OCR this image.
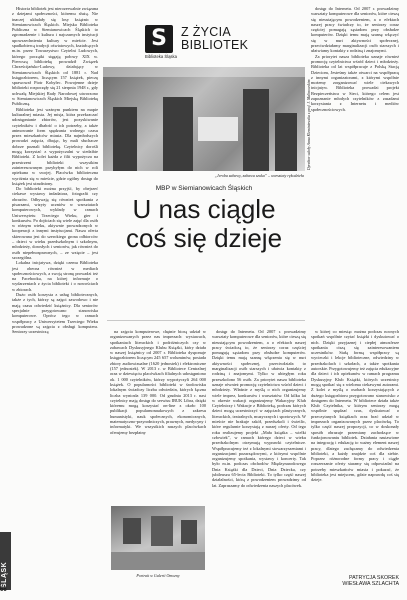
Historia bibliotek jest nierozerwalnie związana z dziejami społeczności, któremu służą. Nie inaczej układały się losy książnic w Siemianowicach Śląskich. Miejska Biblioteka Publiczna w Siemianowicach Śląskich to zgromadzenie i kultura i najczarnych instytucji upowszechnienia kultury w mieście. Jest spadkobiercą tradycji oświatowych, kształcących m.in. przez Towarzystwo Czytelni Ludowych, którego początki sięgają połowy XIX w. Pierwszą bibliotekę prowadził Związek Chrześcijańsko-Ludowy, działający w Siemianowicach Śląskich od 1881 r. Nad księgozbiorem, liczącym 157 książek, pieczę sprawował Piotr Kobylec. Powojenne dzieje biblioteki rozpoczęły się 21 sierpnia 1948 r., gdy uchwałą Miejskiej Rady Narodowej utworzono w Siemianowicach Śląskich Miejską Bibliotekę Publiczną.

Biblioteka jest ważnym punktem na mapie kulturalnej miasta. Jej misja, która przekraczać udostępnianie zbiorów, jest pozyskiwanie czytelników i dbałość o ich potrzeby, a także animowanie form spędzania wolnego czasu przez mieszkańców miasta. Dla najmłodszych prowadzi zajęcia, dbając, by mali słuchacze dobrze poznali bibliotekę. Czytelnicy dorośli mogą korzystać z wypożyczalni w siedzibie Biblioteki. Z kolei każda z filii wypożycza na przestrzeni biblioteki wszystkim zainteresowanym przybyłym do nich w roli opiekuna w swojej. Placówka biblioteczna wyróżnia się w mieście, gdzie ogólny dostęp do książek jest utrudniony.

Do biblioteki można przyjść, by obejrzeć ciekawe wystawy indadatora, fotografii czy obrazów. Odbywają się również spotkania z pisarzami, wizyty uczniów w warsztatach komputerowych, wykłady w ramach Uniwersytetu Trzeciego Wieku, gier i konkursów. Po dojściach się wiele zajęć dla osób w różnym wieku, aktywnie prowadzonych w kooperacji z innymi instytucjami. Nasza oferta skierowana jest do szerokiego grona odbiorców – dzieci w wieku przedszkolnym i szkolnym, młodzieży, dorosłych i seniorów, jak również do osób niepełnosprawnych, – ze wzięcie – jest szczególna.

Lokalna inicjatywa, dzięki czemu Biblioteka jest obecna również w mediach społecznościowych, a swoją stronę prowadzi też na Facebooku, na której informuje o wydarzeniach z życia biblioteki i o nowościach w zbiorach.

Dużo osób korzysta z usług bibliotecznych, także z tych, którzy są zajęci zawodowo i nie mają czasu odwiedzić książnicy. Dla seniorów specjalnie przygotowano stanowiska komputerowe. Oprócz tego w ramach współpracy z Uniwersytetem Trzeciego Wieku prowadzone są zajęcia z obsługi komputera. Seniorzy uczestniczą

S
Biblioteka Śląska
Z ŻYCIA
BIBLIOTEK
Dyrektor szkoły Anna Kleminiewska z prof. J. Malinowskim
„Jeroba zabawy, zabawa szuka” – warsztaty rękodzieła
MBP w Siemianowicach Śląskich
U nas ciągle
coś się dzieje

dostęp do Internetu. Od 2007 r. prowadzimy warsztaty komputerowe dla seniorów, które cieszą się nieustającym powodzeniem, a o efektach naszej pracy świadczy to, że seniorzy coraz częściej pomagają sąsiadom przy obsłudze komputerów. Dzięki temu mają szansę włączyć się w nurt aktywności społecznej, przeciwdziałamy marginalizacji osób starszych i ułatwiamy kontakty z rodziną i znajomymi.

Za priorytet nasza biblioteka uznaje również promocję czytelnictwa wśród dzieci i młodzieży. Biblioteka od lat współpracuje z Polską Stacją Dzieciom, Jesteśmy także otwarci na współpracę z innymi organizatorami, z którymi wspólnie możemy zorganizować wiele ciekawych inicjatyw. Biblioteka prowadzi projekt Bezpieczeństwa w Sieci, którego celem jest zapoznanie młodych czytelników z zasadami korzystania z Internetu i mediów społecznościowych.

na zajęcia komputerowe, chętnie biorą udział w organizowanych przez nas imprezach: wystawach, spotkaniach literackich i podróżniczych czy w zabawach Dyskusyjnego Klubu Książki, który działa w naszej książnicy od 2007 r. Biblioteka dysponuje księgozbiorem liczącym 245 657 woluminów, posiada zbiory audiowizualne (1620 jednostek) i elektroniczne (157 jednostek). W 2013 r. w Bibliotece Centralnej oraz w dziewięciu placówkach filialnych udostępniono ok. 1 000 czytelników, którzy wypożyczyli 264 000 książek. O popularności biblioteki w środowisku lokalnym świadczy liczba odwiedzin, których łączna liczba wyniosła 139 000. Od grudnia 2013 r. nasi czytelnicy mają dostęp do serwisu IBUK Libra, dzięki któremu mogą korzystać on-line z około 100 publikacji popularnonaukowych z zakresu humanistyki, nauk społecznych, ekonomicznych, matematyczno-przyrodniczych, prawnych, medycyny i informatyki. We wszystkich naszych placówkach oferujemy bezpłatny

dostęp do Internetu. Od 2007 r. prowadzimy warsztaty komputerowe dla seniorów, które cieszą się nieustającym powodzeniem, a o efektach naszej pracy świadczą to, że seniorzy coraz częściej pomagają sąsiadom przy obsłudze komputerów. Dzięki temu mają szansę włączenia się w nurt aktywności społecznej, przeciwdziała to marginalizacji osób starszych i ułatwia kontakty z rodziną i znajomymi. Tylko w ubiegłym roku przeszkolono 56 osób. Za priorytet nasza biblioteka uznaje również promocję czytelnictwa wśród dzieci i młodzieży. Właśnie z myślą o nich organizujemy wiele imprez, konkursów i warsztatów. Od kilku lat w okresie wakacji organizujemy Wakacyjny Klub Czytelniczy i Wakacje z Biblioteką, podczas których dzieci mogą uczestniczyć w zajęciach plastycznych, literackich, teatralnych, muzycznych i sportowych. W mieście nie brakuje szkół, przedszkoli i świetlic, które regularnie korzystają z naszej oferty. Od tego roku realizujemy projekt „Mała książka – wielki człowiek”, w ramach którego dzieci w wieku przedszkolnym otrzymują wyprawki czytelnicze. Współpracujemy też z lokalnymi stowarzyszeniami i organizacjami pozarządowymi, z którymi wspólnie organizujemy spotkania, wystawy i koncerty. Tak było m.in. podczas obchodów Międzynarodowego Dnia Książki dla Dzieci, Dnia Dziecka, czy jubileuszu 65-lecia Biblioteki. To tylko część naszej działalności, którą z powodzeniem prowadzimy od lat. Zapraszamy do odwiedzenia naszych placówek.

w której co miesiąc można podczas nocnych spotkań wspólnie czytać książki i dyskutować o nich. Dzięki przyjaznej i ciepłej atmosferze spotkania ciszą się zainteresowaniem uczestników. Stałą formą współpracy są wycieczki i lekcje biblioteczne, odwiedziny w przedszkolach i szkołach, a także spotkania autorskie. Przygotowujemy też zajęcia edukacyjne dla dzieci i ich opiekunów w ramach programu Dyskusyjny Klub Książki, których uczestnicy mogą spotkać się z wieloma ciekawymi autorami. Z kolei z myślą o osobach korzystających z dużego księgozbioru przygotowano stanowisko z dostępem do Internetu. W bibliotece działa także Klub Czytelnika, w którym seniorzy mogą wspólnie spędzać czas, dyskutować o przeczytanych książkach oraz brać udział w imprezach organizowanych przez placówkę. To tylko część naszej propozycji, co w doskonały sposób obrazuje przemiany zachodzące w funkcjonowaniu bibliotek. Działania nastawione na integrację i edukację to ważny element naszej pracy, dlatego zachęcamy do odwiedzenia biblioteki, a każdy znajdzie coś dla siebie. Poprzez różnorodne formy pracy i ciągłe rozszerzanie oferty staramy się odpowiadać na potrzeby mieszkańców miasta i pokazać, że biblioteka jest miejscem, gdzie naprawdę coś się dzieje.

Portrait w Galerii Omozny	PATRYCJA SKOREK
WIESŁAWA SZLACHTA
ŚLĄSK
66
